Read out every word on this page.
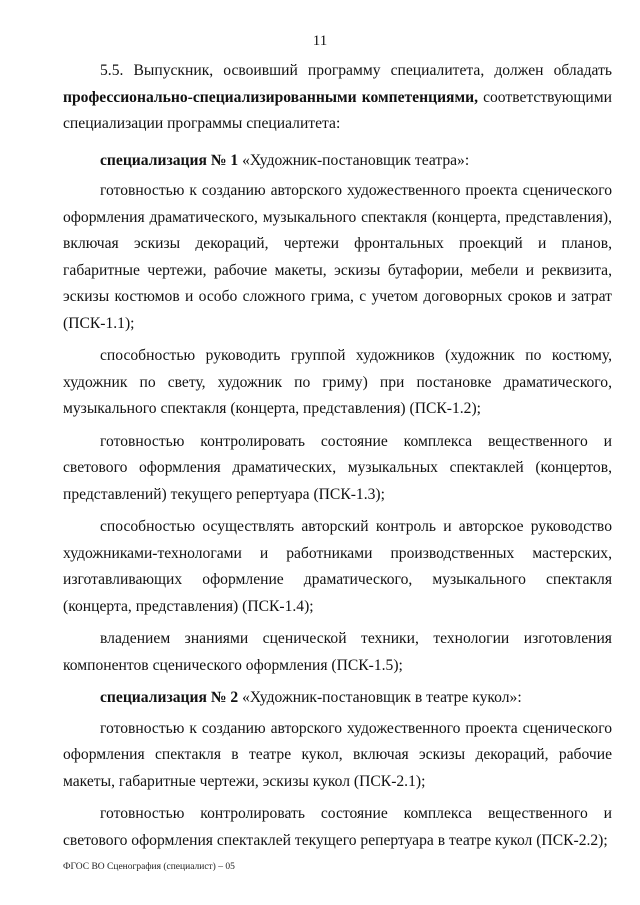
11

5.5. Выпускник, освоивший программу специалитета, должен обладать профессионально-специализированными компетенциями, соответствующими специализации программы специалитета:

специализация № 1 «Художник-постановщик театра»:

готовностью к созданию авторского художественного проекта сценического оформления драматического, музыкального спектакля (концерта, представления), включая эскизы декораций, чертежи фронтальных проекций и планов, габаритные чертежи, рабочие макеты, эскизы бутафории, мебели и реквизита, эскизы костюмов и особо сложного грима, с учетом договорных сроков и затрат (ПСК-1.1);

способностью руководить группой художников (художник по костюму, художник по свету, художник по гриму) при постановке драматического, музыкального спектакля (концерта, представления) (ПСК-1.2);

готовностью контролировать состояние комплекса вещественного и светового оформления драматических, музыкальных спектаклей (концертов, представлений) текущего репертуара (ПСК-1.3);

способностью осуществлять авторский контроль и авторское руководство художниками-технологами и работниками производственных мастерских, изготавливающих оформление драматического, музыкального спектакля (концерта, представления) (ПСК-1.4);

владением знаниями сценической техники, технологии изготовления компонентов сценического оформления (ПСК-1.5);

специализация № 2 «Художник-постановщик в театре кукол»:

готовностью к созданию авторского художественного проекта сценического оформления спектакля в театре кукол, включая эскизы декораций, рабочие макеты, габаритные чертежи, эскизы кукол (ПСК-2.1);

готовностью контролировать состояние комплекса вещественного и светового оформления спектаклей текущего репертуара в театре кукол (ПСК-2.2);

ФГОС ВО Сценография (специалист) – 05
